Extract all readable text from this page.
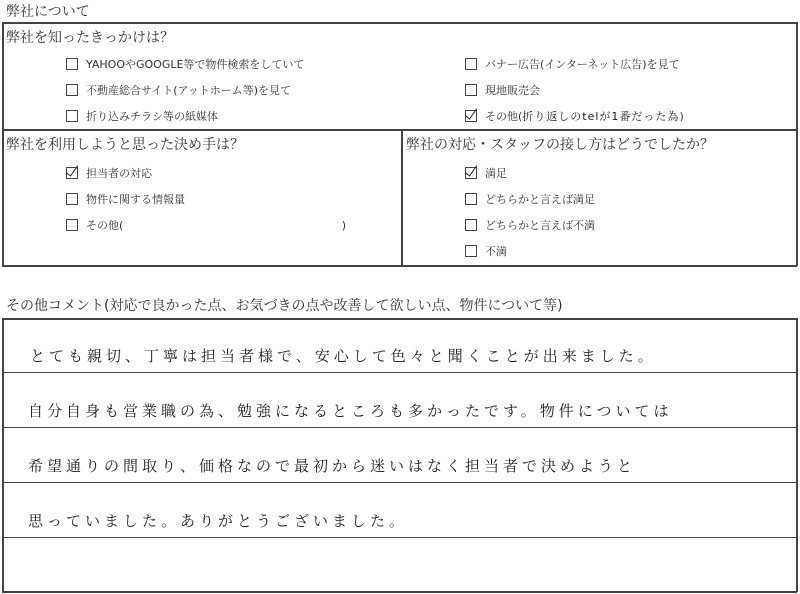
弊社について
弊社を知ったきっかけは？
YAHOOやGOOGLE等で物件検索をしていて
不動産総合サイト(アットホーム等)を見て
折り込みチラシ等の紙媒体
バナー広告(インターネット広告)を見て
現地販売会
その他( 折り返しのtelが1番だった為 )
弊社を利用しようと思った決め手は？
担当者の対応
物件に関する情報量
その他(	)
弊社の対応・スタッフの接し方はどうでしたか？
満足
どちらかと言えば満足
どちらかと言えば不満
不満
その他コメント(対応で良かった点、お気づきの点や改善して欲しい点、物件について等)
とても親切、丁寧は担当者様で、安心して色々と聞くことが出来ました。
自分自身も営業職の為、勉強になるところも多かったです。物件については
希望通りの間取り、価格なので最初から迷いはなく担当者で決めようと
思っていました。ありがとうございました。
